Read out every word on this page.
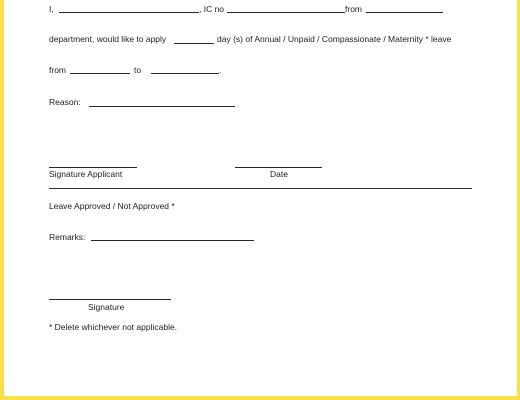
I,	, IC no	from
department, would like to apply	day (s) of Annual / Unpaid / Compassionate / Maternity * leave
from	to	.
Reason:
Signature Applicant	Date
Leave Approved / Not Approved *
Remarks:
Signature
* Delete whichever not applicable.
